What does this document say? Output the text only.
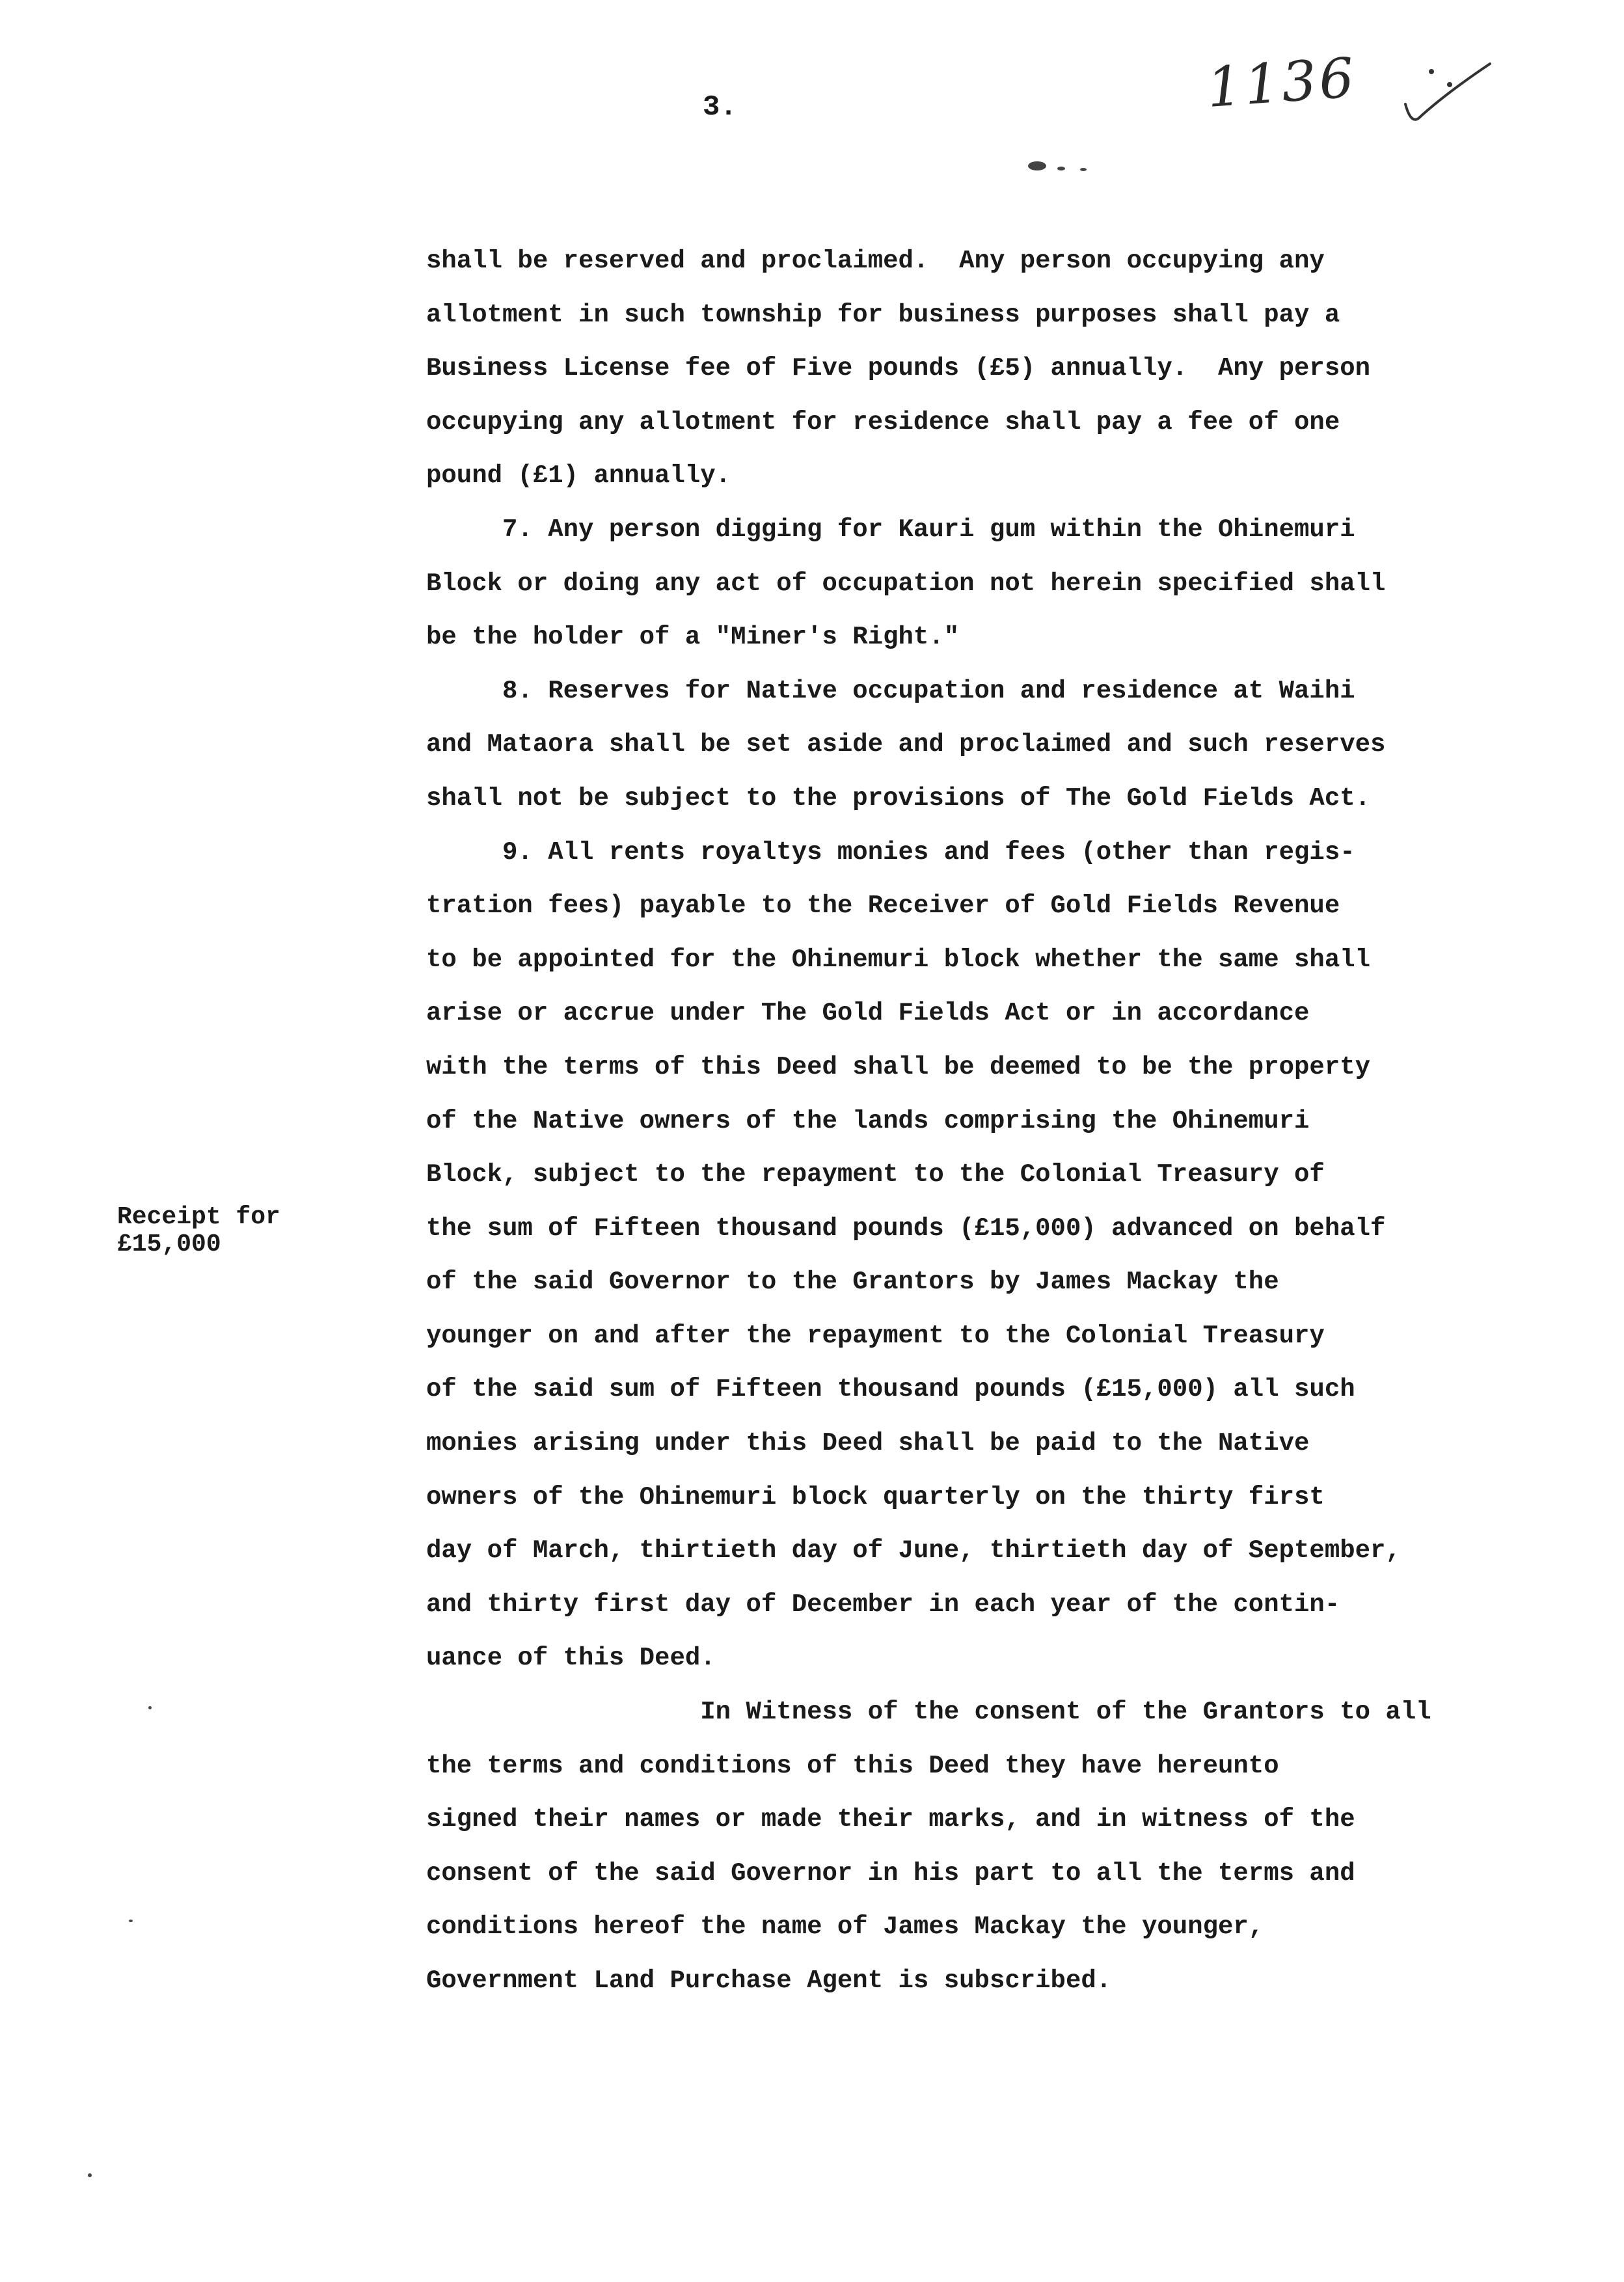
3.	1136
Receipt for
£15,000

shall be reserved and proclaimed.  Any person occupying any
allotment in such township for business purposes shall pay a
Business License fee of Five pounds (£5) annually.  Any person
occupying any allotment for residence shall pay a fee of one
pound (£1) annually.

7. Any person digging for Kauri gum within the Ohinemuri
Block or doing any act of occupation not herein specified shall
be the holder of a "Miner's Right."

8. Reserves for Native occupation and residence at Waihi
and Mataora shall be set aside and proclaimed and such reserves
shall not be subject to the provisions of The Gold Fields Act.

9. All rents royaltys monies and fees (other than regis-
tration fees) payable to the Receiver of Gold Fields Revenue
to be appointed for the Ohinemuri block whether the same shall
arise or accrue under The Gold Fields Act or in accordance
with the terms of this Deed shall be deemed to be the property
of the Native owners of the lands comprising the Ohinemuri
Block, subject to the repayment to the Colonial Treasury of
the sum of Fifteen thousand pounds (£15,000) advanced on behalf
of the said Governor to the Grantors by James Mackay the
younger on and after the repayment to the Colonial Treasury
of the said sum of Fifteen thousand pounds (£15,000) all such
monies arising under this Deed shall be paid to the Native
owners of the Ohinemuri block quarterly on the thirty first
day of March, thirtieth day of June, thirtieth day of September,
and thirty first day of December in each year of the contin-
uance of this Deed.

In Witness of the consent of the Grantors to all
the terms and conditions of this Deed they have hereunto
signed their names or made their marks, and in witness of the
consent of the said Governor in his part to all the terms and
conditions hereof the name of James Mackay the younger,
Government Land Purchase Agent is subscribed.
